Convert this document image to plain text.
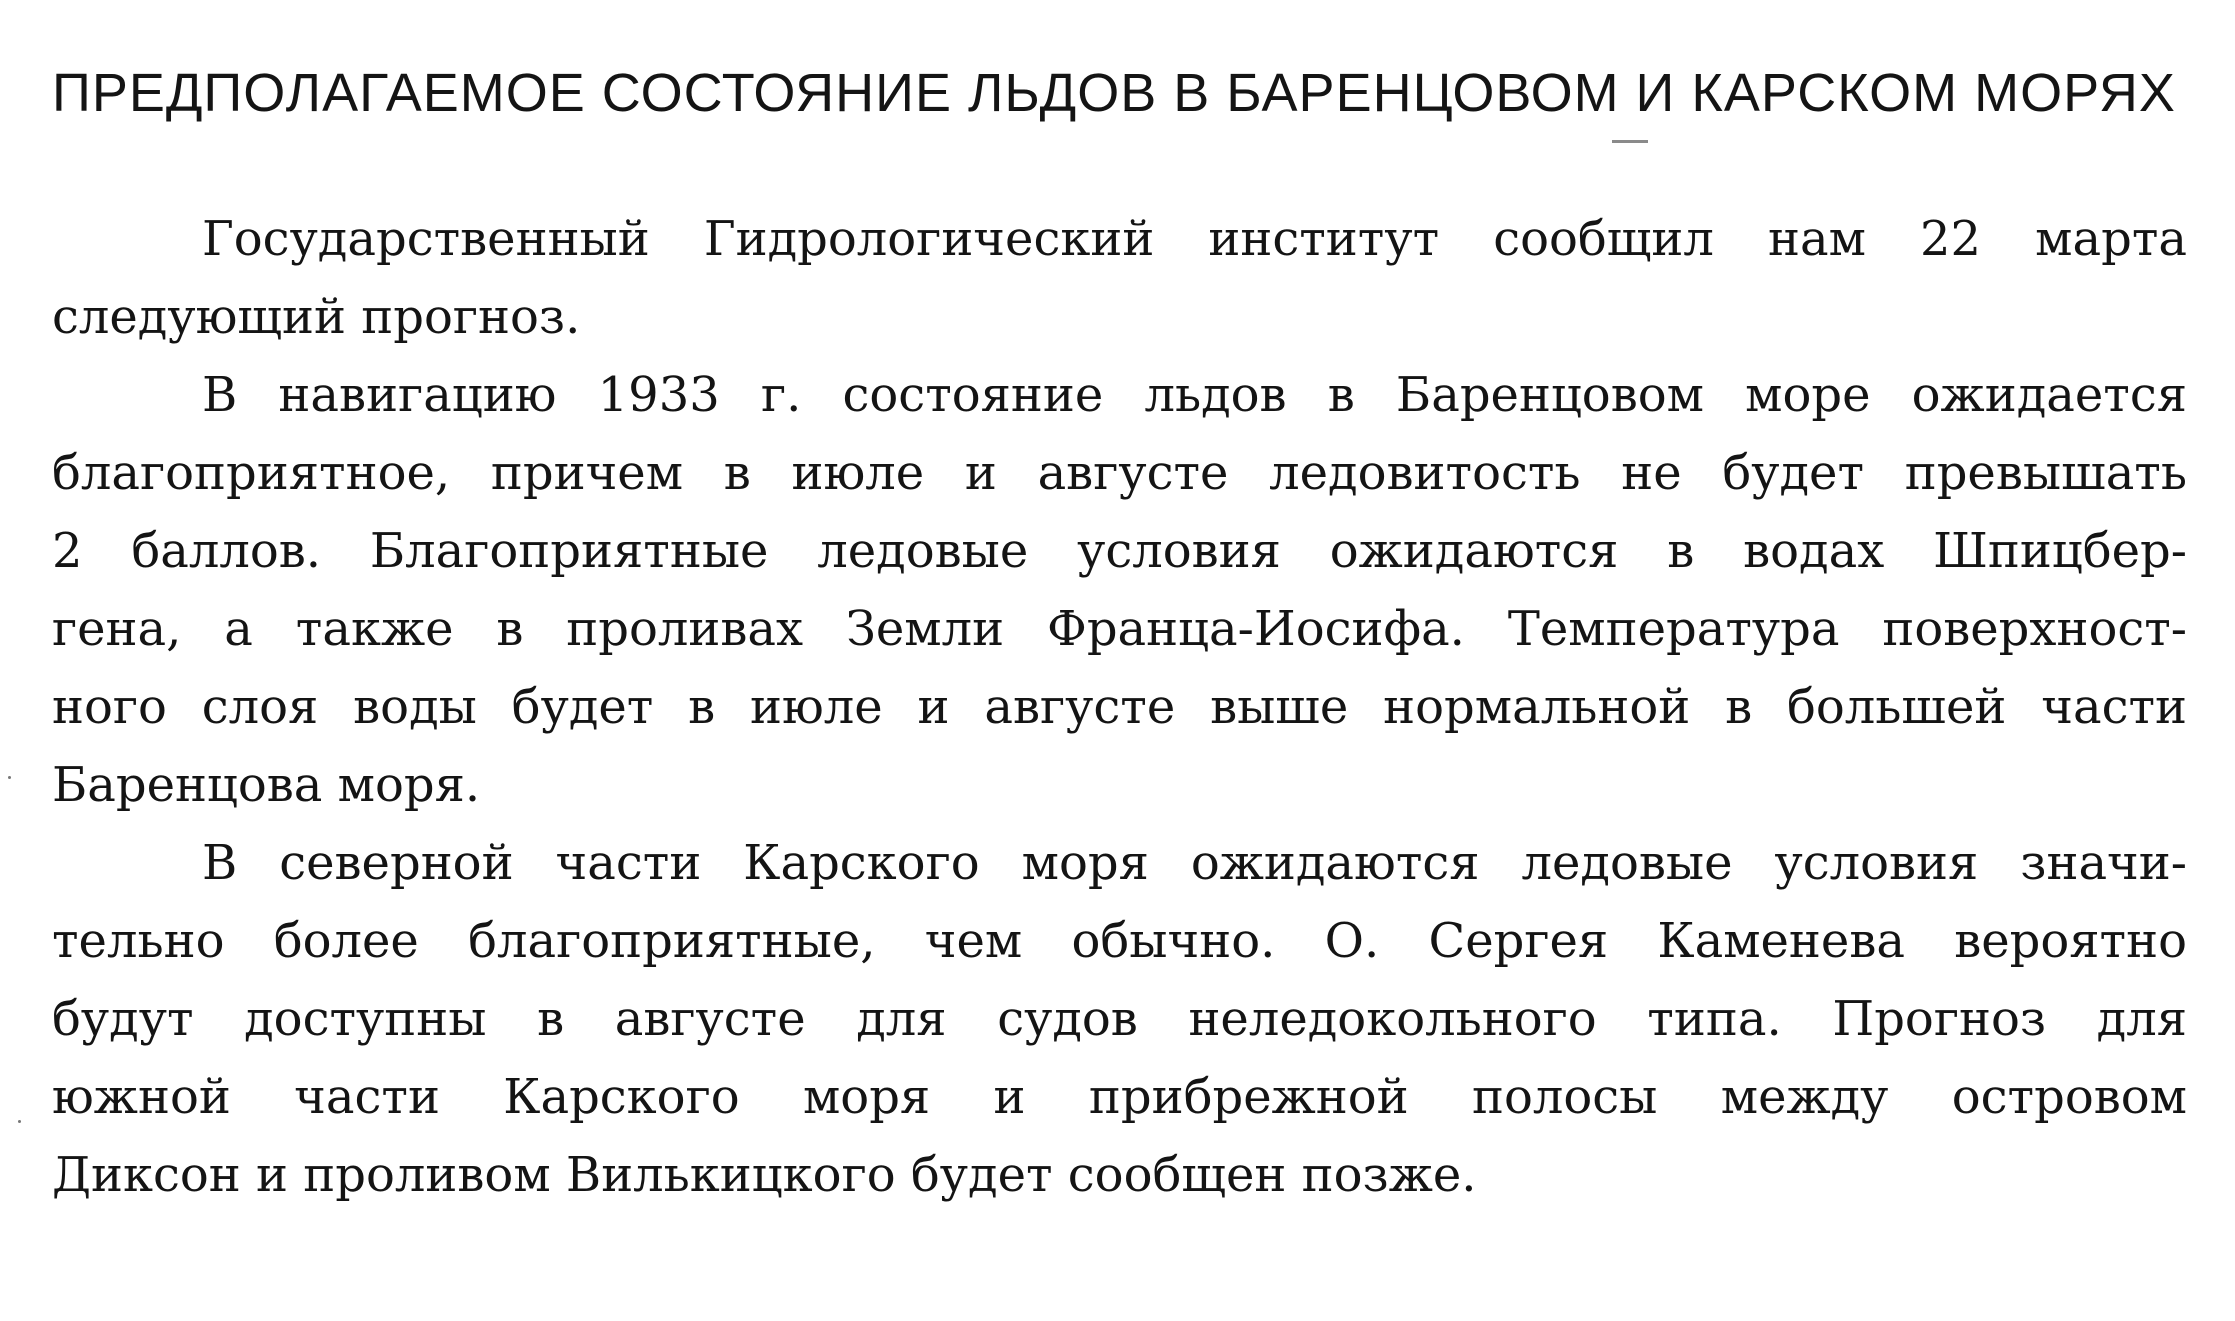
ПРЕДПОЛАГАЕМОЕ СОСТОЯНИЕ ЛЬДОВ В БАРЕНЦОВОМ И КАРСКОМ МОРЯХ
Государственный Гидрологический институт сообщил нам 22 марта
следующий прогноз.
В навигацию 1933 г. состояние льдов в Баренцовом море ожидается
благоприятное, причем в июле и августе ледовитость не будет превышать
2 баллов. Благоприятные ледовые условия ожидаются в водах Шпицбер-
гена, а также в проливах Земли Франца-Иосифа. Температура поверхност-
ного слоя воды будет в июле и августе выше нормальной в большей части
Баренцова моря.
В северной части Карского моря ожидаются ледовые условия значи-
тельно более благоприятные, чем обычно. О. Сергея Каменева вероятно
будут доступны в августе для судов неледокольного типа. Прогноз для
южной части Карского моря и прибрежной полосы между островом
Диксон и проливом Вилькицкого будет сообщен позже.
